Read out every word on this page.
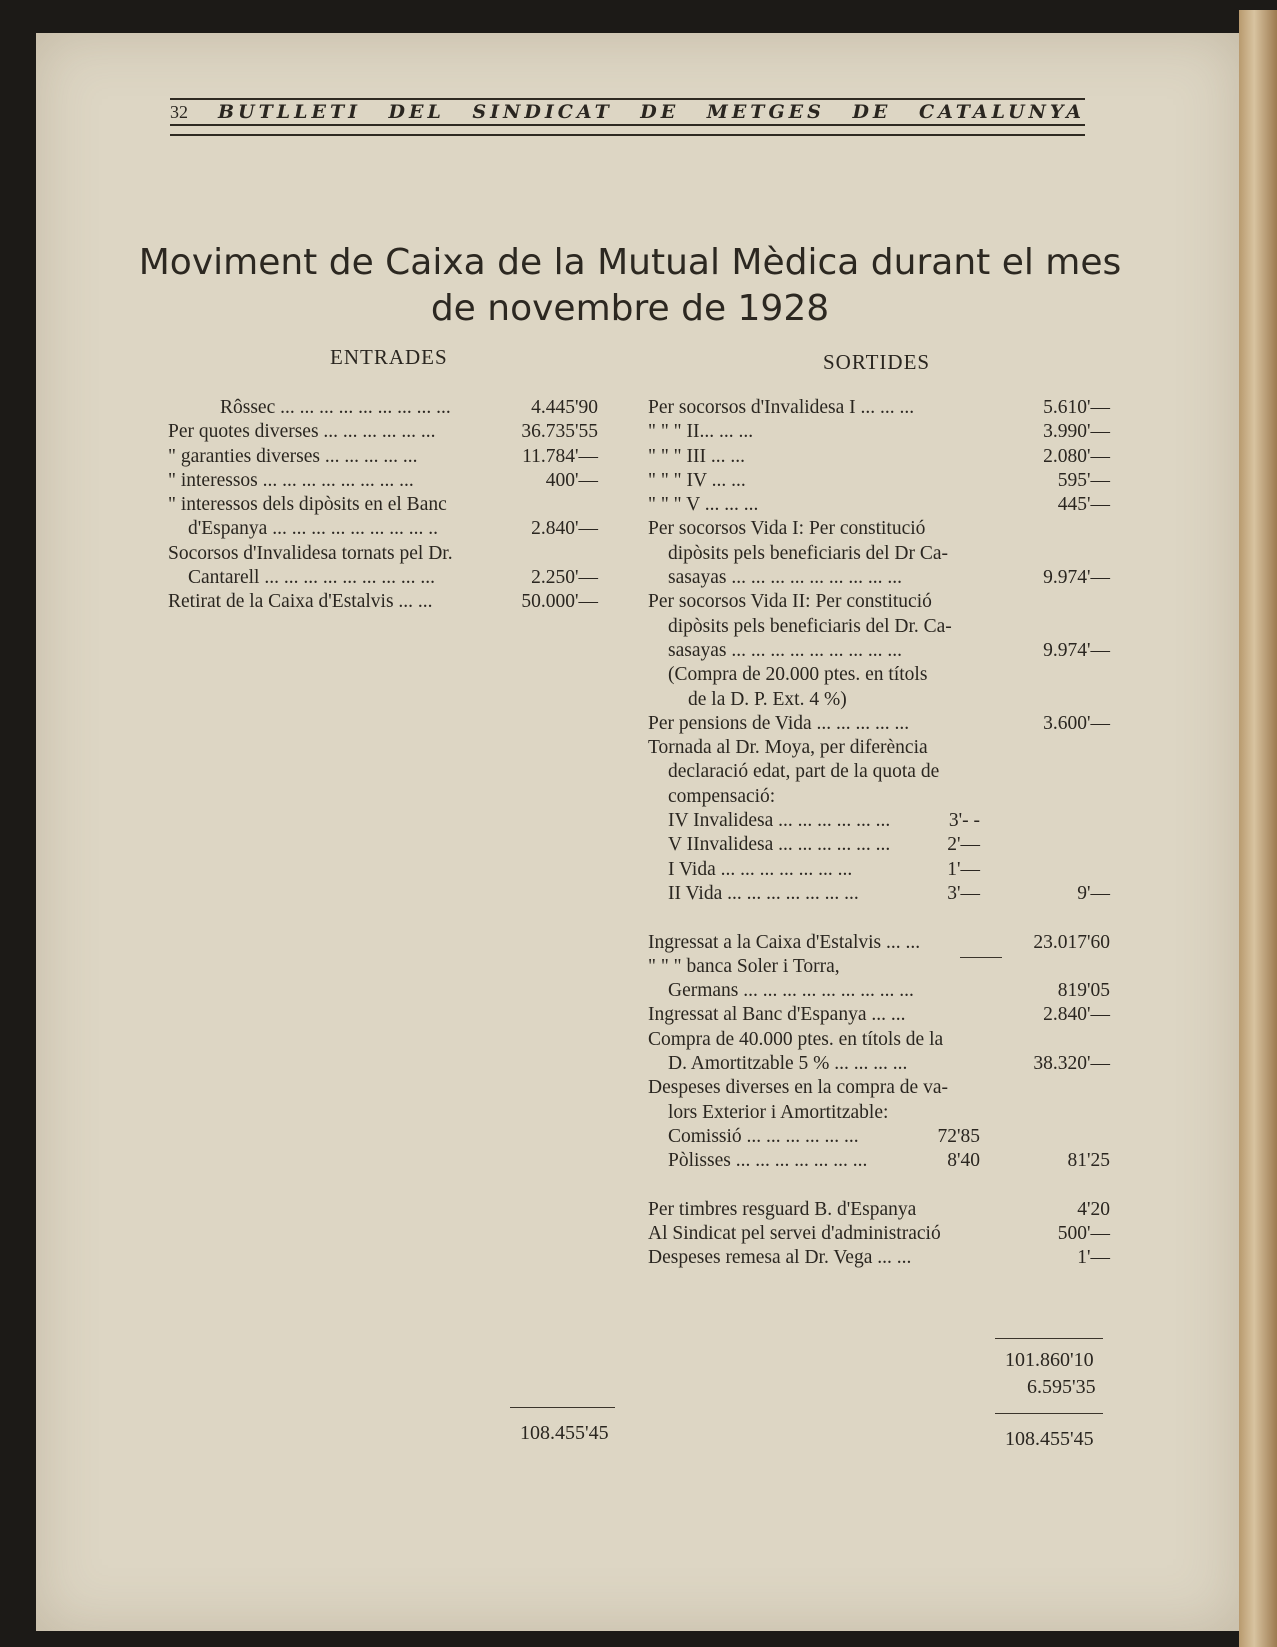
32	BUTLLETI DEL SINDICAT DE METGES DE CATALUNYA
Moviment de Caixa de la Mutual Mèdica durant el mes
de novembre de 1928
ENTRADES	SORTIDES
Rôssec ... ... ... ... ... ... ... ... ...	4.445'90
Per quotes diverses ... ... ... ... ... ...	36.735'55
" garanties diverses ... ... ... ... ...	11.784'—
" interessos ... ... ... ... ... ... ... ...	400'—
" interessos dels dipòsits en el Banc
d'Espanya ... ... ... ... ... ... ... ... ..	2.840'—
Socorsos d'Invalidesa tornats pel Dr.
Cantarell ... ... ... ... ... ... ... ... ...	2.250'—
Retirat de la Caixa d'Estalvis ... ...	50.000'—
Per socorsos d'Invalidesa I ... ... ...	5.610'—
" " " II... ... ...	3.990'—
" " " III ... ...	2.080'—
" " " IV ... ...	595'—
" " " V ... ... ...	445'—
Per socorsos Vida I: Per constitució
dipòsits pels beneficiaris del Dr Ca-
sasayas ... ... ... ... ... ... ... ... ...	9.974'—
Per socorsos Vida II: Per constitució
dipòsits pels beneficiaris del Dr. Ca-
sasayas ... ... ... ... ... ... ... ... ...	9.974'—
(Compra de 20.000 ptes. en títols
de la D. P. Ext. 4 %)
Per pensions de Vida ... ... ... ... ...	3.600'—
Tornada al Dr. Moya, per diferència
declaració edat, part de la quota de
compensació:
IV Invalidesa ... ... ... ... ... ...	3'- -
V IInvalidesa ... ... ... ... ... ...	2'—
I Vida ... ... ... ... ... ... ...	1'—
II Vida ... ... ... ... ... ... ...	3'—	9'—
Ingressat a la Caixa d'Estalvis ... ...	23.017'60
" " " banca Soler i Torra,
Germans ... ... ... ... ... ... ... ... ...	819'05
Ingressat al Banc d'Espanya ... ...	2.840'—
Compra de 40.000 ptes. en títols de la
D. Amortitzable 5 % ... ... ... ...	38.320'—
Despeses diverses en la compra de va-
lors Exterior i Amortitzable:
Comissió ... ... ... ... ... ...	72'85
Pòlisses ... ... ... ... ... ... ...	8'40	81'25
Per timbres resguard B. d'Espanya	4'20
Al Sindicat pel servei d'administració	500'—
Despeses remesa al Dr. Vega ... ...	1'—
108.455'45
101.860'10
6.595'35
108.455'45
